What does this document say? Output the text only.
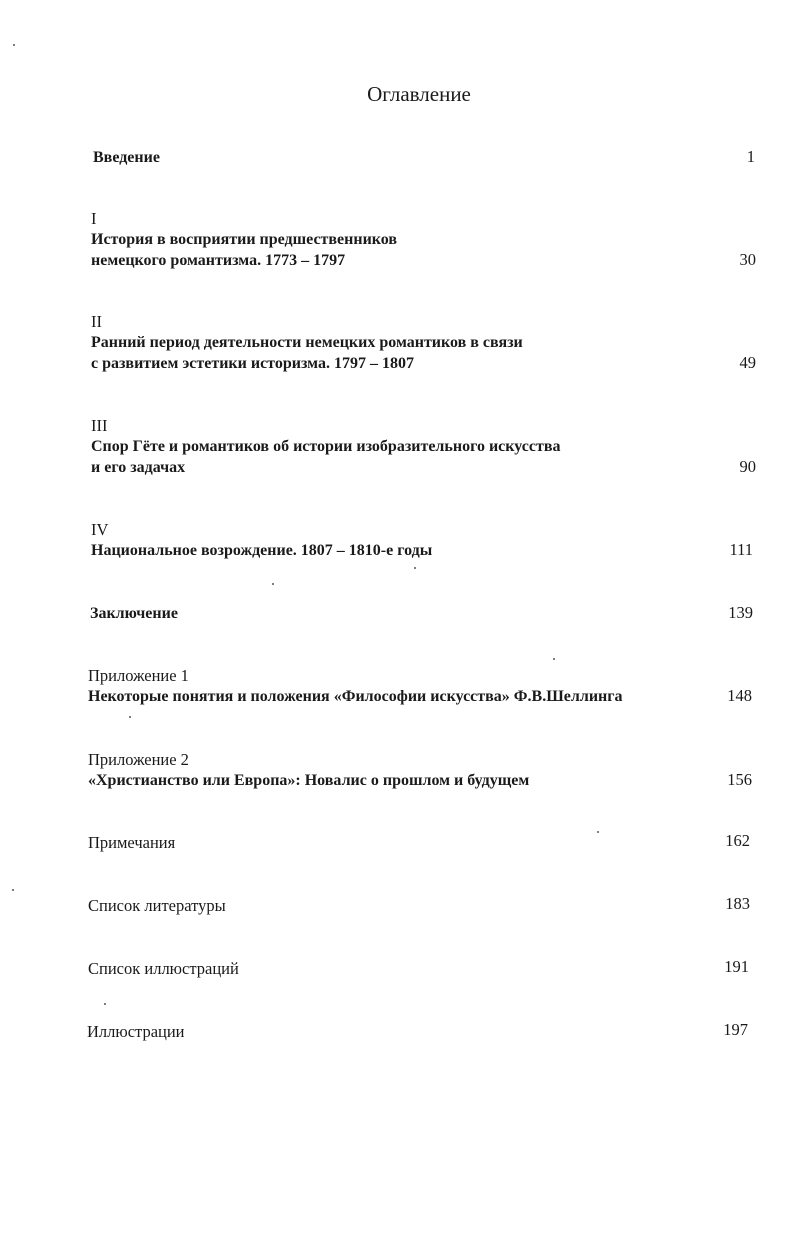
Оглавление
Введение	1
I
История в восприятии предшественников
немецкого романтизма. 1773 – 1797	30
II
Ранний период деятельности немецких романтиков в связи
с развитием эстетики историзма. 1797 – 1807	49
III
Спор Гёте и романтиков об истории изобразительного искусства
и его задачах	90
IV
Национальное возрождение. 1807 – 1810-е годы	111
Заключение	139
Приложение 1
Некоторые понятия и положения «Философии искусства» Ф.В.Шеллинга	148
Приложение 2
«Христианство или Европа»: Новалис о прошлом и будущем	156
Примечания	162
Список литературы	183
Список иллюстраций	191
Иллюстрации	197
